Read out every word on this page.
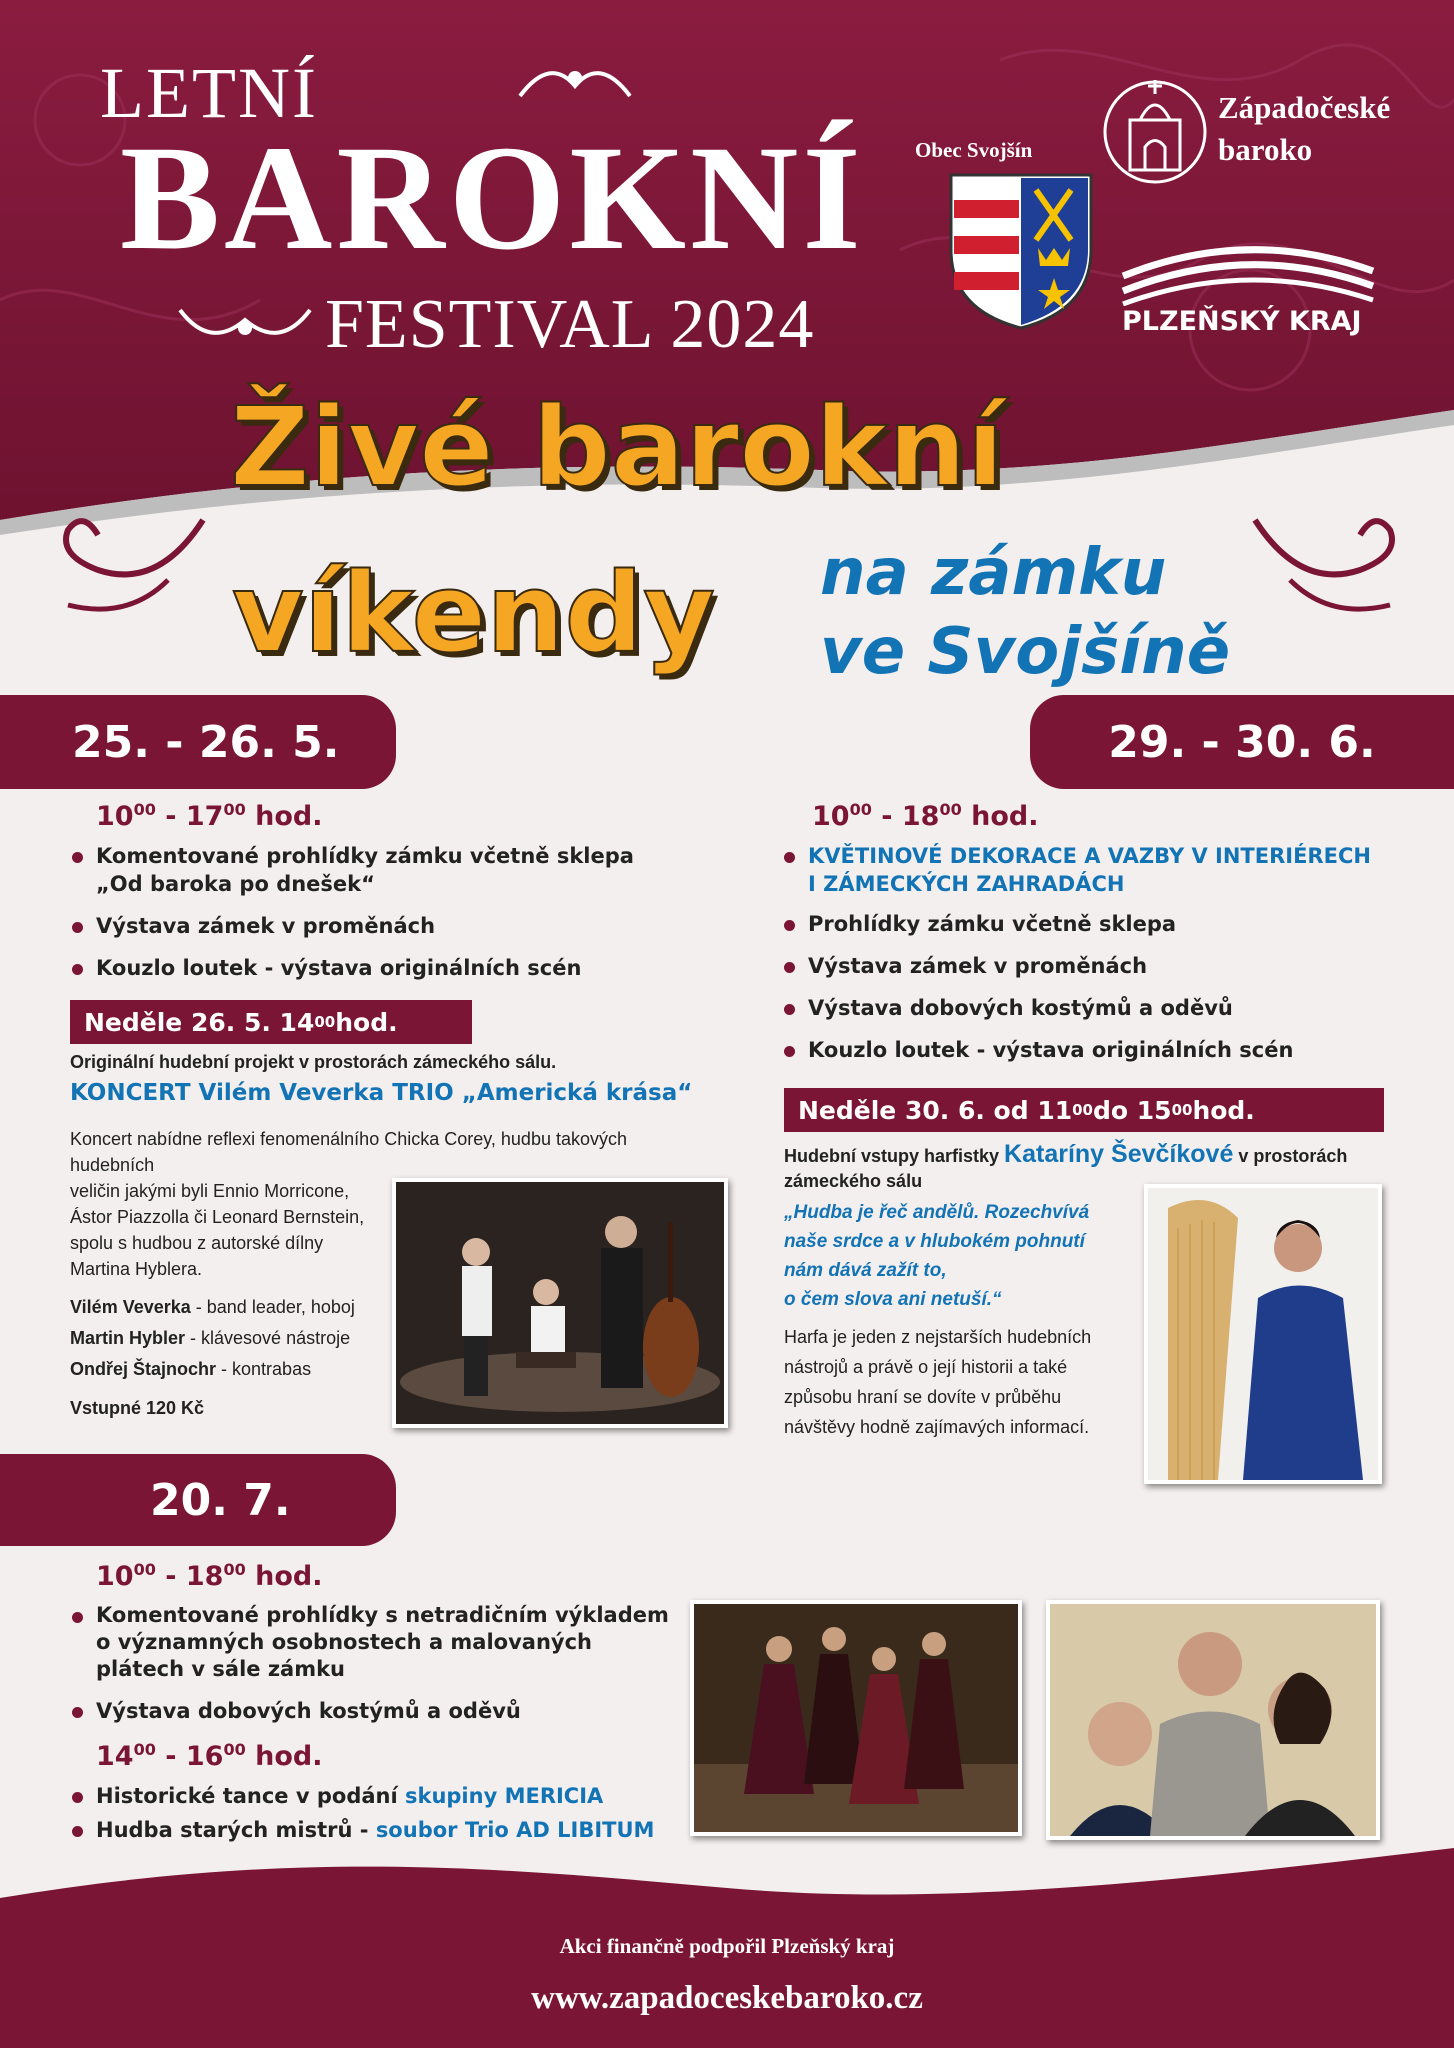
LETNÍ
BAROKNÍ
FESTIVAL 2024
Obec Svojšín
Západočeské
baroko
PLZEŇSKÝ KRAJ
Živé barokní
víkendy na zámku
ve Svojšíně
25. - 26. 5.
$10^{00} - 17^{00}$ hod.
Komentované prohlídky zámku včetně sklepa „Od baroka po dnešek“
Výstava zámek v proměnách
Kouzlo loutek - výstava originálních scén
Neděle 26. 5. 14 00 hod.
Originální hudební projekt v prostorách zámeckého sálu.
KONCERT Vilém Veverka TRIO „Americká krása“
Koncert nabídne reflexi fenomenálního Chicka Corey, hudbu takových hudebních
veličin jakými byli Ennio Morricone,
Ástor Piazzolla či Leonard Bernstein,
spolu s hudbou z autorské dílny
Martina Hyblera.
Vilém Veverka - band leader, hoboj
Martin Hybler - klávesové nástroje
Ondřej Štajnochr - kontrabas
Vstupné 120 Kč
29. - 30. 6.
$10^{00} - 18^{00}$ hod.
KVĚTINOVÉ DEKORACE A VAZBY V INTERIÉRECH I ZÁMECKÝCH ZAHRADÁCH
Prohlídky zámku včetně sklepa
Výstava zámek v proměnách
Výstava dobových kostýmů a oděvů
Kouzlo loutek - výstava originálních scén
Neděle 30. 6. od 11 00 do 15 00 hod.
Hudební vstupy harfistky Kataríny Ševčíkové v prostorách
zámeckého sálu
„Hudba je řeč andělů. Rozechvívá
naše srdce a v hlubokém pohnutí
nám dává zažít to,
o čem slova ani netuší.“
Harfa je jeden z nejstarších hudebních
nástrojů a právě o její historii a také
způsobu hraní se dovíte v průběhu
návštěvy hodně zajímavých informací.
20. 7.
$10^{00} - 18^{00}$ hod.
Komentované prohlídky s netradičním výkladem o významných osobnostech a malovaných plátech v sále zámku
Výstava dobových kostýmů a oděvů
$14^{00} - 16^{00}$ hod.
Historické tance v podání skupiny MERICIA
Hudba starých mistrů - soubor Trio AD LIBITUM
Akci finančně podpořil Plzeňský kraj
www.zapadoceskebaroko.cz
